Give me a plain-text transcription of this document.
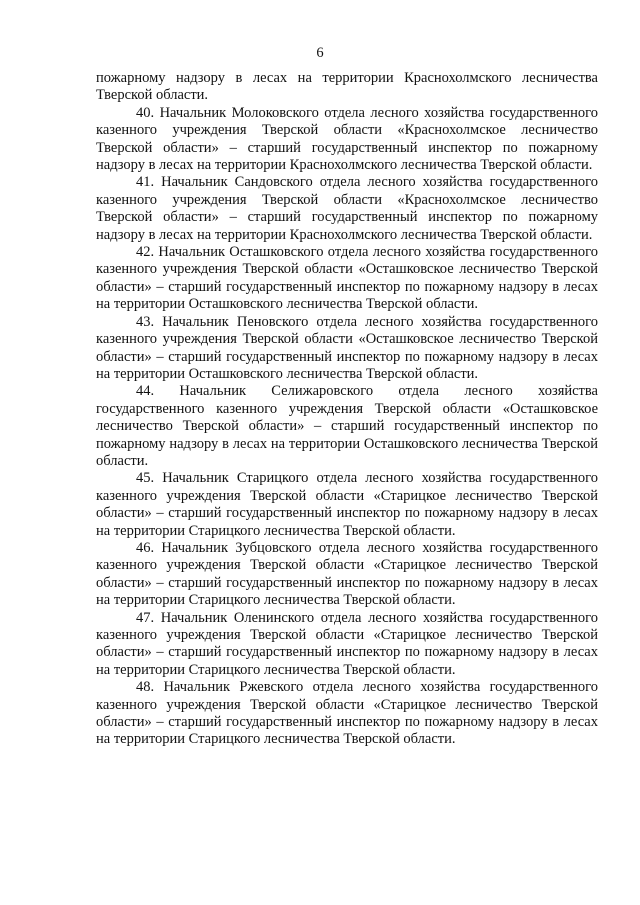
6

пожарному надзору в лесах на территории Краснохолмского лесничества Тверской области.

40. Начальник Молоковского отдела лесного хозяйства государственного казенного учреждения Тверской области «Краснохолмское лесничество Тверской области» – старший государственный инспектор по пожарному надзору в лесах на территории Краснохолмского лесничества Тверской области.

41. Начальник Сандовского отдела лесного хозяйства государственного казенного учреждения Тверской области «Краснохолмское лесничество Тверской области» – старший государственный инспектор по пожарному надзору в лесах на территории Краснохолмского лесничества Тверской области.

42. Начальник Осташковского отдела лесного хозяйства государственного казенного учреждения Тверской области «Осташковское лесничество Тверской области» – старший государственный инспектор по пожарному надзору в лесах на территории Осташковского лесничества Тверской области.

43. Начальник Пеновского отдела лесного хозяйства государственного казенного учреждения Тверской области «Осташковское лесничество Тверской области» – старший государственный инспектор по пожарному надзору в лесах на территории Осташковского лесничества Тверской области.

44. Начальник Селижаровского отдела лесного хозяйства государственного казенного учреждения Тверской области «Осташковское лесничество Тверской области» – старший государственный инспектор по пожарному надзору в лесах на территории Осташковского лесничества Тверской области.

45. Начальник Старицкого отдела лесного хозяйства государственного казенного учреждения Тверской области «Старицкое лесничество Тверской области» – старший государственный инспектор по пожарному надзору в лесах на территории Старицкого лесничества Тверской области.

46. Начальник Зубцовского отдела лесного хозяйства государственного казенного учреждения Тверской области «Старицкое лесничество Тверской области» – старший государственный инспектор по пожарному надзору в лесах на территории Старицкого лесничества Тверской области.

47. Начальник Оленинского отдела лесного хозяйства государственного казенного учреждения Тверской области «Старицкое лесничество Тверской области» – старший государственный инспектор по пожарному надзору в лесах на территории Старицкого лесничества Тверской области.

48. Начальник Ржевского отдела лесного хозяйства государственного казенного учреждения Тверской области «Старицкое лесничество Тверской области» – старший государственный инспектор по пожарному надзору в лесах на территории Старицкого лесничества Тверской области.
